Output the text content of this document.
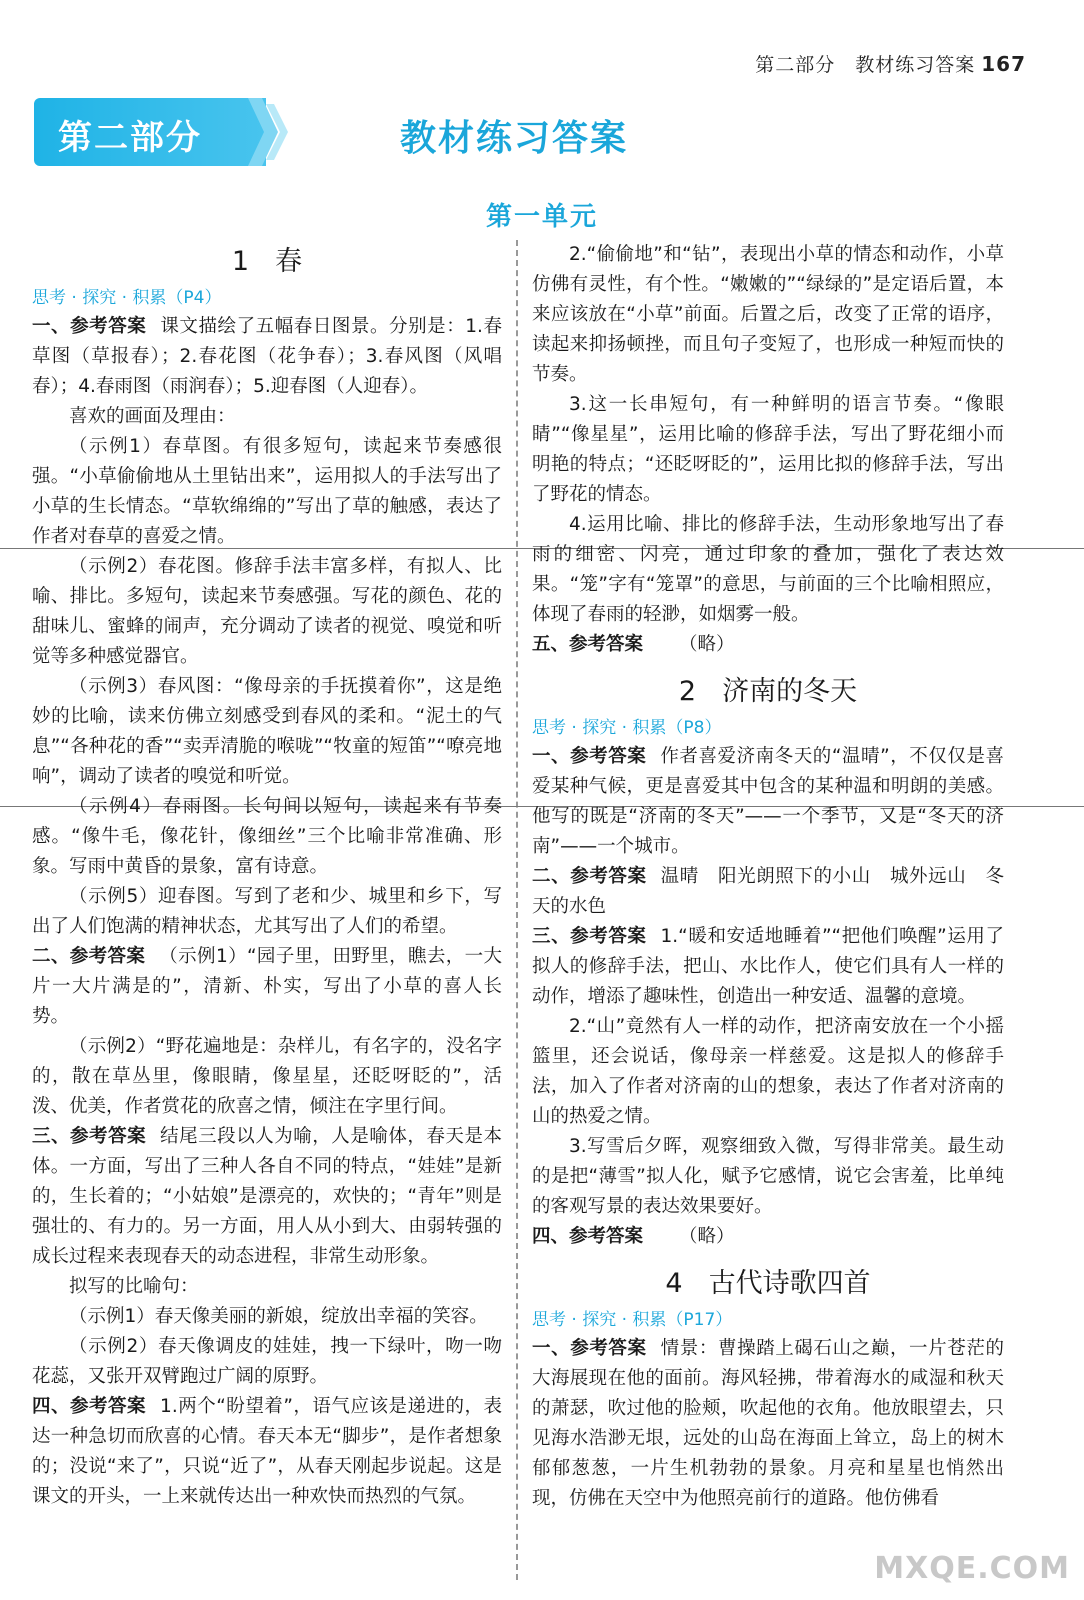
第二部分　教材练习答案 167
第二部分	教材练习答案
第一单元
1 春
思考 · 探究 · 积累（P4）

一、参考答案 课文描绘了五幅春日图景。分别是：1.春草图（草报春）；2.春花图（花争春）；3.春风图（风唱春）；4.春雨图（雨润春）；5.迎春图（人迎春）。

喜欢的画面及理由：

（示例1）春草图。有很多短句，读起来节奏感很强。“小草偷偷地从土里钻出来”，运用拟人的手法写出了小草的生长情态。“草软绵绵的”写出了草的触感，表达了作者对春草的喜爱之情。

（示例2）春花图。修辞手法丰富多样，有拟人、比喻、排比。多短句，读起来节奏感强。写花的颜色、花的甜味儿、蜜蜂的闹声，充分调动了读者的视觉、嗅觉和听觉等多种感觉器官。

（示例3）春风图：“像母亲的手抚摸着你”，这是绝妙的比喻，读来仿佛立刻感受到春风的柔和。“泥土的气息”“各种花的香”“卖弄清脆的喉咙”“牧童的短笛”“嘹亮地响”，调动了读者的嗅觉和听觉。

（示例4）春雨图。长句间以短句，读起来有节奏感。“像牛毛，像花针，像细丝”三个比喻非常准确、形象。写雨中黄昏的景象，富有诗意。

（示例5）迎春图。写到了老和少、城里和乡下，写出了人们饱满的精神状态，尤其写出了人们的希望。

二、参考答案 （示例1）“园子里，田野里，瞧去，一大片一大片满是的”，清新、朴实，写出了小草的喜人长势。

（示例2）“野花遍地是：杂样儿，有名字的，没名字的，散在草丛里，像眼睛，像星星，还眨呀眨的”，活泼、优美，作者赏花的欣喜之情，倾注在字里行间。

三、参考答案 结尾三段以人为喻，人是喻体，春天是本体。一方面，写出了三种人各自不同的特点，“娃娃”是新的，生长着的；“小姑娘”是漂亮的，欢快的；“青年”则是强壮的、有力的。另一方面，用人从小到大、由弱转强的成长过程来表现春天的动态进程，非常生动形象。

拟写的比喻句：

（示例1）春天像美丽的新娘，绽放出幸福的笑容。

（示例2）春天像调皮的娃娃，拽一下绿叶，吻一吻花蕊，又张开双臂跑过广阔的原野。

四、参考答案 1.两个“盼望着”，语气应该是递进的，表达一种急切而欣喜的心情。春天本无“脚步”，是作者想象的；没说“来了”，只说“近了”，从春天刚起步说起。这是课文的开头，一上来就传达出一种欢快而热烈的气氛。

2.“偷偷地”和“钻”，表现出小草的情态和动作，小草仿佛有灵性，有个性。“嫩嫩的”“绿绿的”是定语后置，本来应该放在“小草”前面。后置之后，改变了正常的语序，读起来抑扬顿挫，而且句子变短了，也形成一种短而快的节奏。

3.这一长串短句，有一种鲜明的语言节奏。“像眼睛”“像星星”，运用比喻的修辞手法，写出了野花细小而明艳的特点；“还眨呀眨的”，运用比拟的修辞手法，写出了野花的情态。

4.运用比喻、排比的修辞手法，生动形象地写出了春雨的细密、闪亮，通过印象的叠加，强化了表达效果。“笼”字有“笼罩”的意思，与前面的三个比喻相照应，体现了春雨的轻渺，如烟雾一般。

五、参考答案 （略）

2 济南的冬天
思考 · 探究 · 积累（P8）

一、参考答案 作者喜爱济南冬天的“温晴”，不仅仅是喜爱某种气候，更是喜爱其中包含的某种温和明朗的美感。他写的既是“济南的冬天”——一个季节，又是“冬天的济南”——一个城市。

二、参考答案 温晴　阳光朗照下的小山　城外远山　冬天的水色

三、参考答案 1.“暖和安适地睡着”“把他们唤醒”运用了拟人的修辞手法，把山、水比作人，使它们具有人一样的动作，增添了趣味性，创造出一种安适、温馨的意境。

2.“山”竟然有人一样的动作，把济南安放在一个小摇篮里，还会说话，像母亲一样慈爱。这是拟人的修辞手法，加入了作者对济南的山的想象，表达了作者对济南的山的热爱之情。

3.写雪后夕晖，观察细致入微，写得非常美。最生动的是把“薄雪”拟人化，赋予它感情，说它会害羞，比单纯的客观写景的表达效果要好。

四、参考答案 （略）

4 古代诗歌四首
思考 · 探究 · 积累（P17）

一、参考答案 情景：曹操踏上碣石山之巅，一片苍茫的大海展现在他的面前。海风轻拂，带着海水的咸湿和秋天的萧瑟，吹过他的脸颊，吹起他的衣角。他放眼望去，只见海水浩渺无垠，远处的山岛在海面上耸立，岛上的树木郁郁葱葱，一片生机勃勃的景象。月亮和星星也悄然出现，仿佛在天空中为他照亮前行的道路。他仿佛看

MXQE.COM
